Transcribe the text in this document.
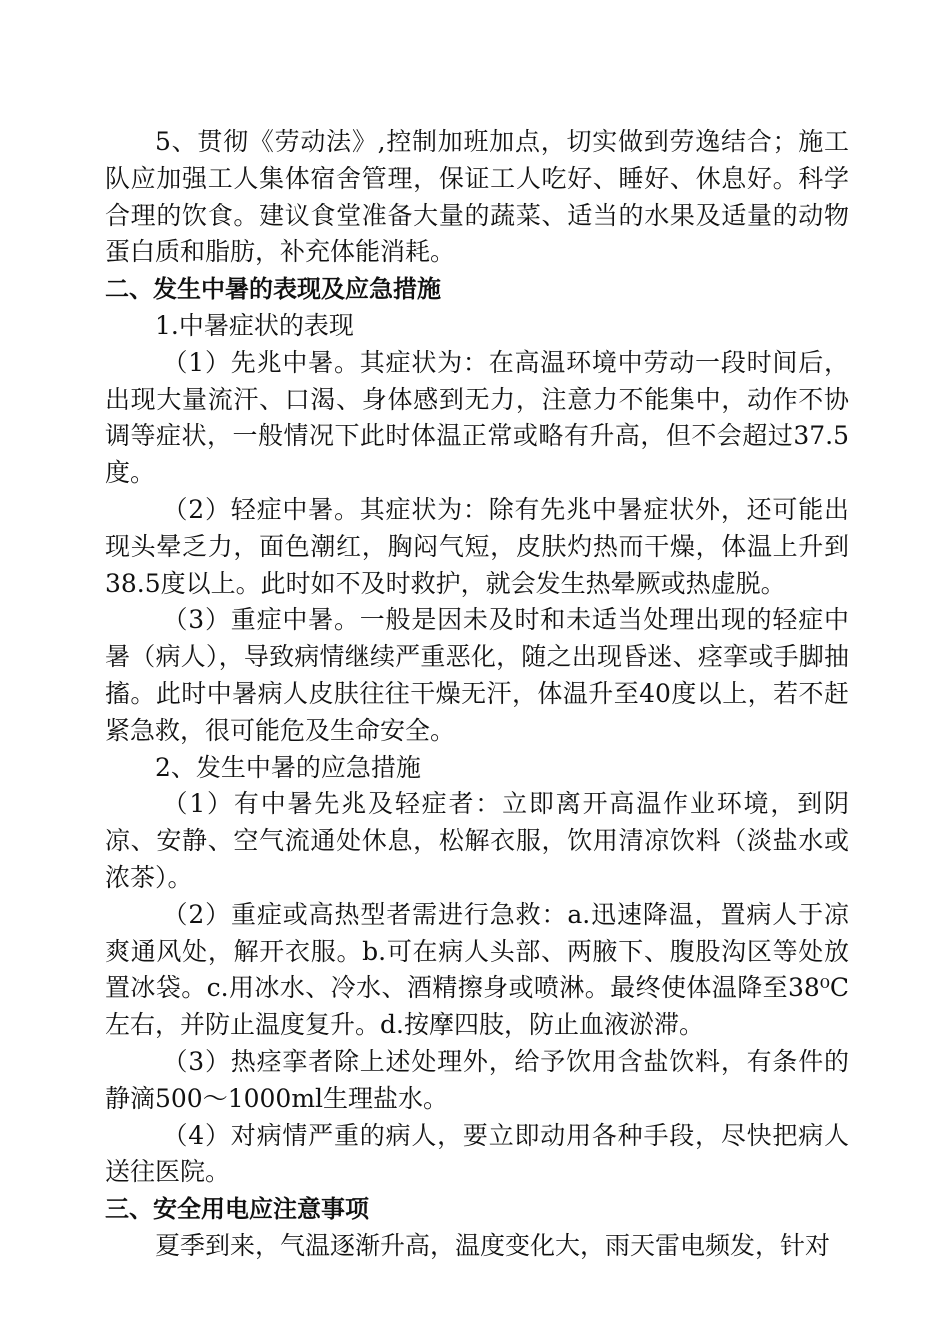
5、贯彻《劳动法》,控制加班加点，切实做到劳逸结合；施工队应加强工人集体宿舍管理，保证工人吃好、睡好、休息好。科学合理的饮食。建议食堂准备大量的蔬菜、适当的水果及适量的动物蛋白质和脂肪，补充体能消耗。

二、发生中暑的表现及应急措施

1.中暑症状的表现

（1）先兆中暑。其症状为：在高温环境中劳动一段时间后，出现大量流汗、口渴、身体感到无力，注意力不能集中，动作不协调等症状，一般情况下此时体温正常或略有升高，但不会超过37.5度。

（2）轻症中暑。其症状为：除有先兆中暑症状外，还可能出现头晕乏力，面色潮红，胸闷气短，皮肤灼热而干燥，体温上升到38.5度以上。此时如不及时救护，就会发生热晕厥或热虚脱。

（3）重症中暑。一般是因未及时和未适当处理出现的轻症中暑（病人），导致病情继续严重恶化，随之出现昏迷、痉挛或手脚抽搐。此时中暑病人皮肤往往干燥无汗，体温升至40度以上，若不赶紧急救，很可能危及生命安全。

2、发生中暑的应急措施

（1）有中暑先兆及轻症者：立即离开高温作业环境，到阴凉、安静、空气流通处休息，松解衣服，饮用清凉饮料（淡盐水或浓茶）。

（2）重症或高热型者需进行急救：a.迅速降温，置病人于凉爽通风处，解开衣服。b.可在病人头部、两腋下、腹股沟区等处放置冰袋。c.用冰水、冷水、酒精擦身或喷淋。最终使体温降至38⁰C左右，并防止温度复升。d.按摩四肢，防止血液淤滞。

（3）热痉挛者除上述处理外，给予饮用含盐饮料，有条件的静滴500～1000ml生理盐水。

（4）对病情严重的病人，要立即动用各种手段，尽快把病人送往医院。

三、安全用电应注意事项

夏季到来，气温逐渐升高，温度变化大，雨天雷电频发，针对
